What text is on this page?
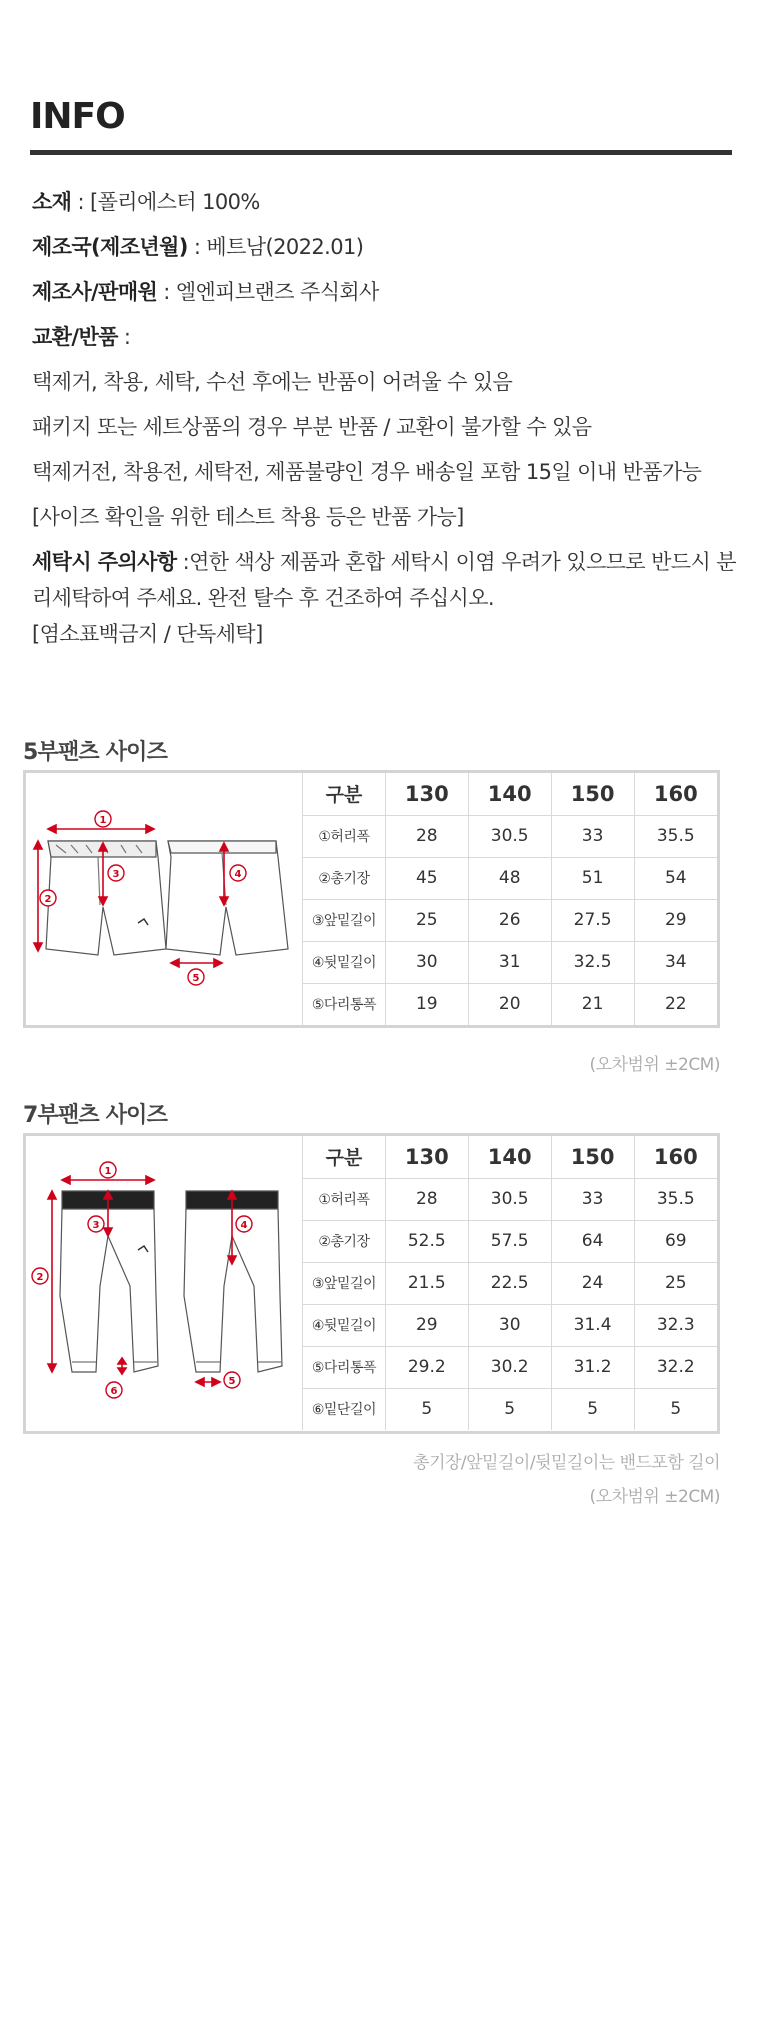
INFO

소재 : [폴리에스터 100%

제조국(제조년월) : 베트남(2022.01)

제조사/판매원 : 엘엔피브랜즈 주식회사

교환/반품 :

택제거, 착용, 세탁, 수선 후에는 반품이 어려울 수 있음

패키지 또는 세트상품의 경우 부분 반품 / 교환이 불가할 수 있음

택제거전, 착용전, 세탁전, 제품불량인 경우 배송일 포함 15일 이내 반품가능

[사이즈 확인을 위한 테스트 착용 등은 반품 가능]

세탁시 주의사항 :연한 색상 제품과 혼합 세탁시 이염 우려가 있으므로 반드시 분리세탁하여 주세요. 완전 탈수 후 건조하여 주십시오.

[염소표백금지 / 단독세탁]

5부팬츠 사이즈
1
2
3	4
5
구분	130	140	150	160
①허리폭	28	30.5	33	35.5
②총기장	45	48	51	54
③앞밑길이	25	26	27.5	29
④뒷밑길이	30	31	32.5	34
⑤다리통폭	19	20	21	22
(오차범위 ±2CM)
7부팬츠 사이즈
1
2
3	4
5
6
구분	130	140	150	160
①허리폭	28	30.5	33	35.5
②총기장	52.5	57.5	64	69
③앞밑길이	21.5	22.5	24	25
④뒷밑길이	29	30	31.4	32.3
⑤다리통폭	29.2	30.2	31.2	32.2
⑥밑단길이	5	5	5	5
총기장/앞밑길이/뒷밑길이는 밴드포함 길이
(오차범위 ±2CM)
